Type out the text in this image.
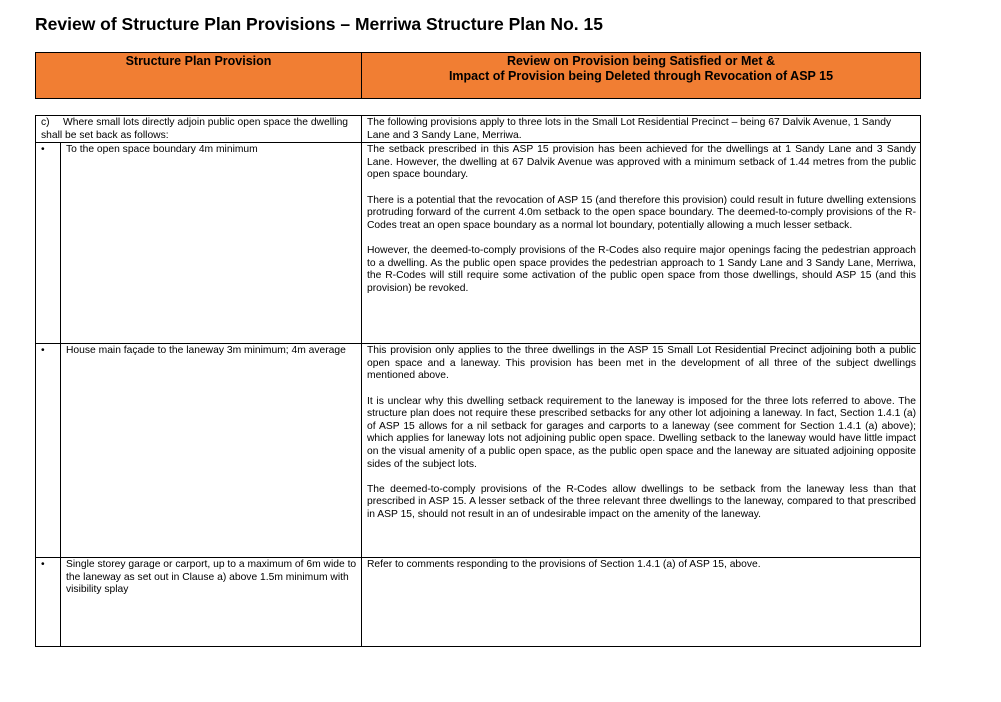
Review of Structure Plan Provisions – Merriwa Structure Plan No. 15
Structure Plan Provision	Review on Provision being Satisfied or Met &
Impact of Provision being Deleted through Revocation of ASP 15
c) Where small lots directly adjoin public open space the dwelling shall be set back as follows:		The following provisions apply to three lots in the Small Lot Residential Precinct – being 67 Dalvik Avenue, 1 Sandy Lane and 3 Sandy Lane, Merriwa.

•	To the open space boundary 4m minimum	The setback prescribed in this ASP 15 provision has been achieved for the dwellings at 1 Sandy Lane and 3 Sandy Lane. However, the dwelling at 67 Dalvik Avenue was approved with a minimum setback of 1.44 metres from the public open space boundary.

There is a potential that the revocation of ASP 15 (and therefore this provision) could result in future dwelling extensions protruding forward of the current 4.0m setback to the open space boundary. The deemed-to-comply provisions of the R-Codes treat an open space boundary as a normal lot boundary, potentially allowing a much lesser setback.

However, the deemed-to-comply provisions of the R-Codes also require major openings facing the pedestrian approach to a dwelling. As the public open space provides the pedestrian approach to 1 Sandy Lane and 3 Sandy Lane, Merriwa, the R-Codes will still require some activation of the public open space from those dwellings, should ASP 15 (and this provision) be revoked.

•	House main façade to the laneway 3m minimum; 4m average	This provision only applies to the three dwellings in the ASP 15 Small Lot Residential Precinct adjoining both a public open space and a laneway. This provision has been met in the development of all three of the subject dwellings mentioned above.

It is unclear why this dwelling setback requirement to the laneway is imposed for the three lots referred to above. The structure plan does not require these prescribed setbacks for any other lot adjoining a laneway. In fact, Section 1.4.1 (a) of ASP 15 allows for a nil setback for garages and carports to a laneway (see comment for Section 1.4.1 (a) above); which applies for laneway lots not adjoining public open space. Dwelling setback to the laneway would have little impact on the visual amenity of a public open space, as the public open space and the laneway are situated adjoining opposite sides of the subject lots.

The deemed-to-comply provisions of the R-Codes allow dwellings to be setback from the laneway less than that prescribed in ASP 15. A lesser setback of the three relevant three dwellings to the laneway, compared to that prescribed in ASP 15, should not result in an of undesirable impact on the amenity of the laneway.

•	Single storey garage or carport, up to a maximum of 6m wide to the laneway as set out in Clause a) above 1.5m minimum with visibility splay	Refer to comments responding to the provisions of Section 1.4.1 (a) of ASP 15, above.
